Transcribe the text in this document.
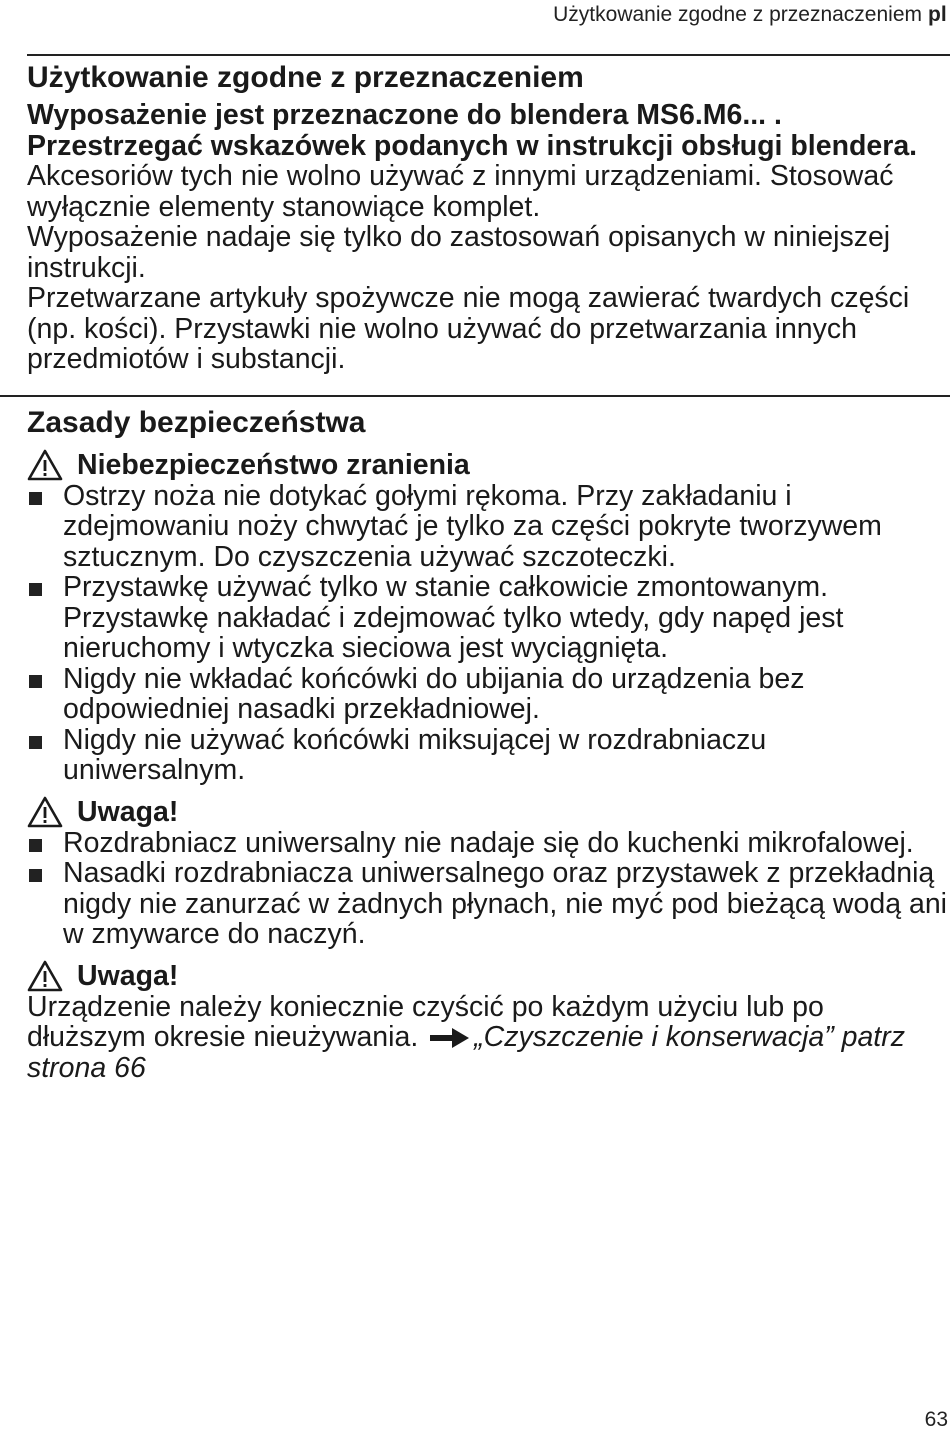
Użytkowanie zgodne z przeznaczeniem pl
Użytkowanie zgodne z przeznaczeniem

Wyposażenie jest przeznaczone do blendera MS6.M6... . Przestrzegać wskazówek podanych w instrukcji obsługi blendera.

Akcesoriów tych nie wolno używać z innymi urządzeniami. Stosować wyłącznie elementy stanowiące komplet.

Wyposażenie nadaje się tylko do zastosowań opisanych w niniejszej instrukcji.

Przetwarzane artykuły spożywcze nie mogą zawierać twardych części (np. kości). Przystawki nie wolno używać do przetwarzania innych przedmiotów i substancji.

Zasady bezpieczeństwa
Niebezpieczeństwo zranienia
Ostrzy noża nie dotykać gołymi rękoma. Przy zakładaniu i zdejmowaniu noży chwytać je tylko za części pokryte tworzywem sztucznym. Do czyszczenia używać szczoteczki.
Przystawkę używać tylko w stanie całkowicie zmontowanym. Przystawkę nakładać i zdejmować tylko wtedy, gdy napęd jest nieruchomy i wtyczka sieciowa jest wyciągnięta.
Nigdy nie wkładać końcówki do ubijania do urządzenia bez odpowiedniej nasadki przekładniowej.
Nigdy nie używać końcówki miksującej w rozdrabniaczu uniwersalnym.
Uwaga!
Rozdrabniacz uniwersalny nie nadaje się do kuchenki mikrofalowej.
Nasadki rozdrabniacza uniwersalnego oraz przystawek z przekładnią nigdy nie zanurzać w żadnych płynach, nie myć pod bieżącą wodą ani w zmywarce do naczyń.
Uwaga!

Urządzenie należy koniecznie czyścić po każdym użyciu lub po dłuższym okresie nieużywania. „Czyszczenie i konserwacja” patrz strona 66

63
